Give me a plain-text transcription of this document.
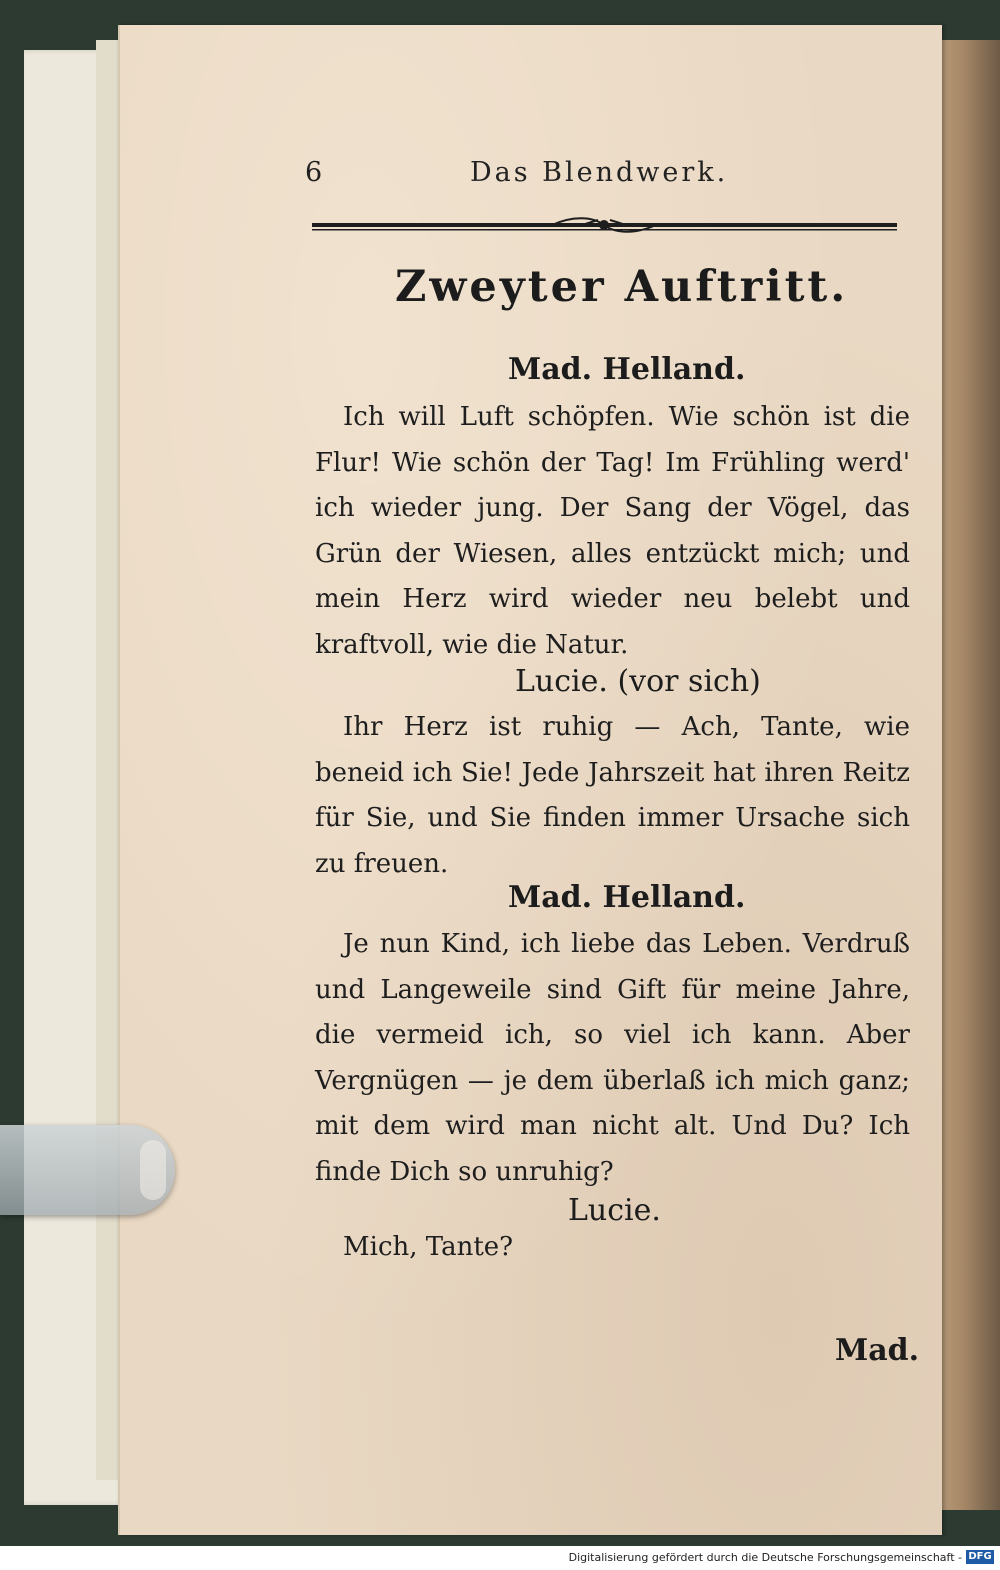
6	Das Blendwerk.
Zweyter Auftritt.
Mad. Helland.
Ich will Luft schöpfen. Wie schön ist die Flur! Wie schön der Tag! Im Frühling werd' ich wieder jung. Der Sang der Vögel, das Grün der Wiesen, alles entzückt mich; und mein Herz wird wieder neu belebt und kraftvoll, wie die Natur.
Lucie. (vor sich)
Ihr Herz ist ruhig — Ach, Tante, wie beneid ich Sie! Jede Jahrszeit hat ihren Reitz für Sie, und Sie finden immer Ursache sich zu freuen.
Mad. Helland.
Je nun Kind, ich liebe das Leben. Verdruß und Langeweile sind Gift für meine Jahre, die vermeid ich, so viel ich kann. Aber Vergnügen — je dem überlaß ich mich ganz; mit dem wird man nicht alt. Und Du? Ich finde Dich so unruhig?
Lucie.
Mich, Tante?
Mad.
Digitalisierung gefördert durch die Deutsche Forschungsgemeinschaft - DFG
